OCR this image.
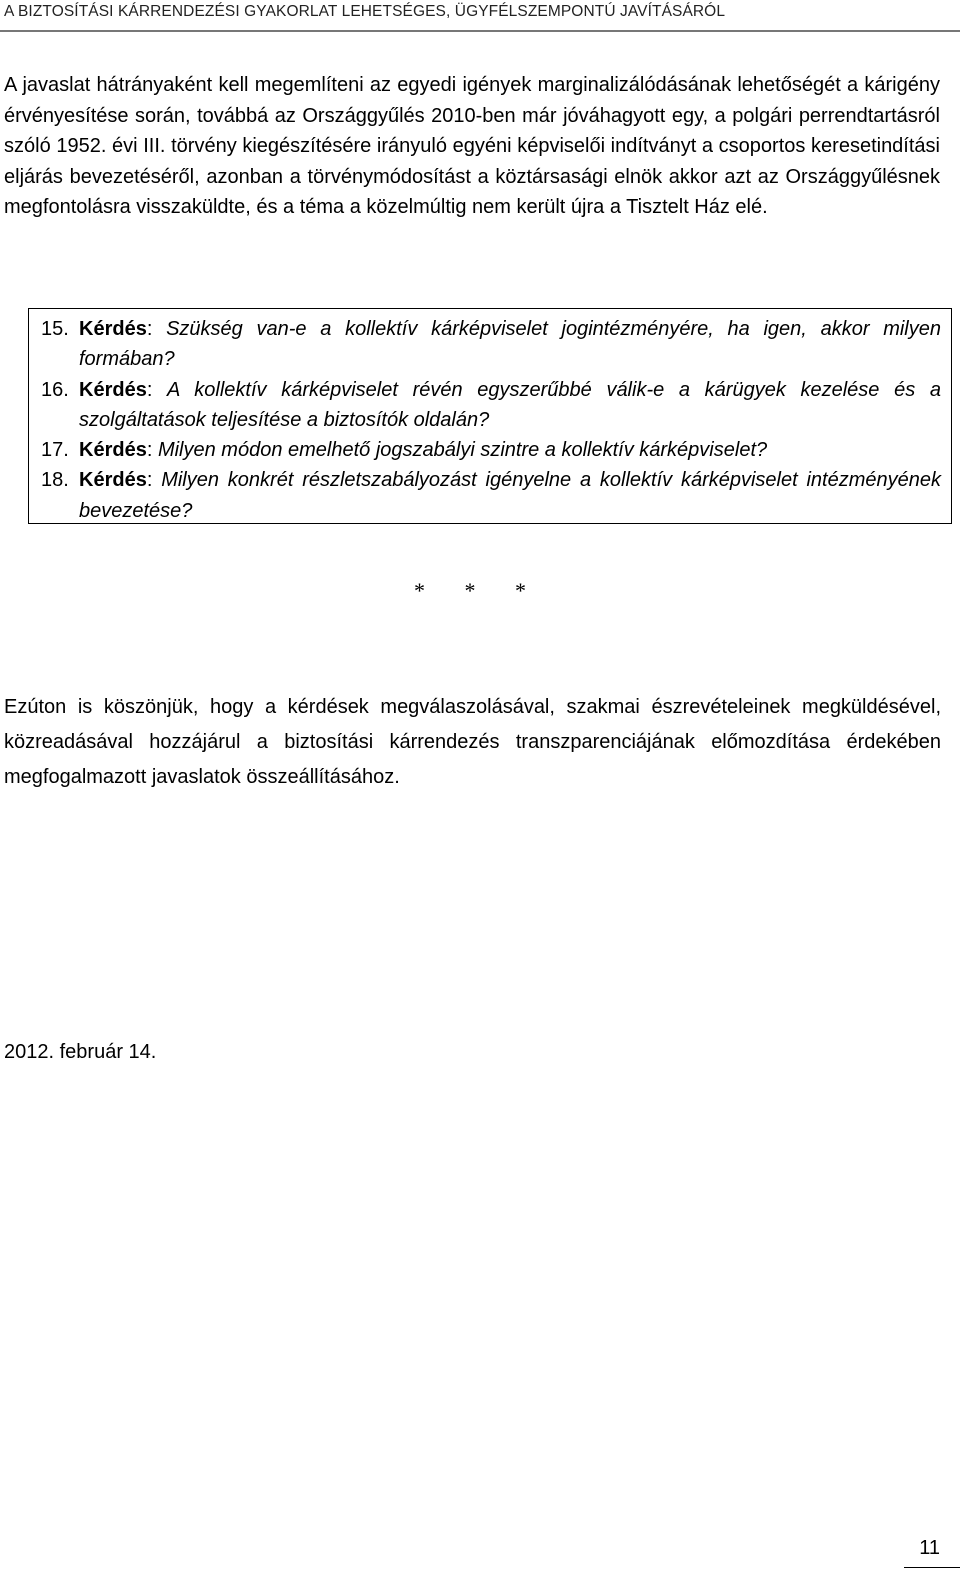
A BIZTOSÍTÁSI KÁRRENDEZÉSI GYAKORLAT LEHETSÉGES, ÜGYFÉLSZEMPONTÚ JAVÍTÁSÁRÓL

A javaslat hátrányaként kell megemlíteni az egyedi igények marginalizálódásának lehetőségét a kárigény érvényesítése során, továbbá az Országgyűlés 2010-ben már jóváhagyott egy, a polgári perrendtartásról szóló 1952. évi III. törvény kiegészítésére irányuló egyéni képviselői indítványt a csoportos keresetindítási eljárás bevezetéséről, azonban a törvénymódosítást a köztársasági elnök akkor azt az Országgyűlésnek megfontolásra visszaküldte, és a téma a közelmúltig nem került újra a Tisztelt Ház elé.

15. Kérdés: Szükség van-e a kollektív kárképviselet jogintézményére, ha igen, akkor milyen formában?
16. Kérdés: A kollektív kárképviselet révén egyszerűbbé válik-e a kárügyek kezelése és a szolgáltatások teljesítése a biztosítók oldalán?
17. Kérdés: Milyen módon emelhető jogszabályi szintre a kollektív kárképviselet?
18. Kérdés: Milyen konkrét részletszabályozást igényelne a kollektív kárképviselet intézményének bevezetése?
* * *

Ezúton is köszönjük, hogy a kérdések megválaszolásával, szakmai észrevételeinek megküldésével, közreadásával hozzájárul a biztosítási kárrendezés transzparenciájának előmozdítása érdekében megfogalmazott javaslatok összeállításához.

2012. február 14.
11
